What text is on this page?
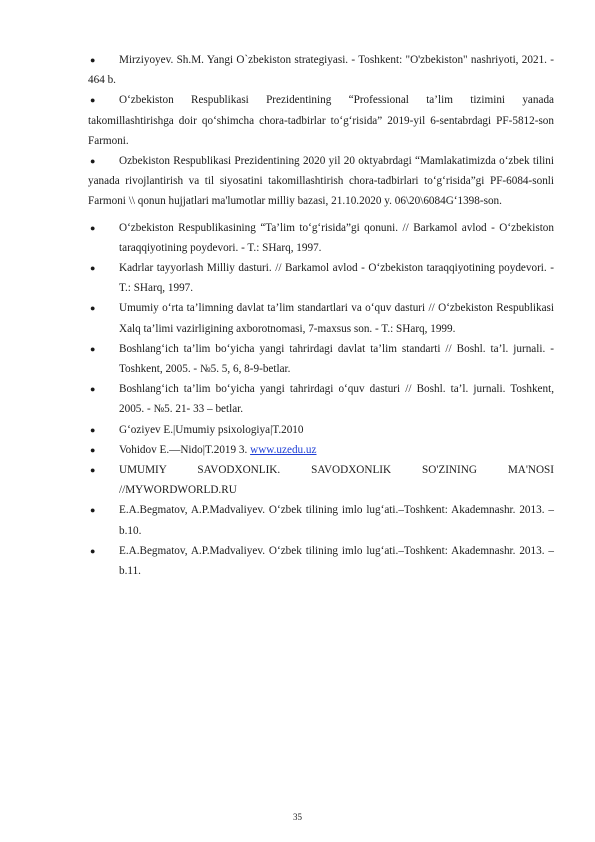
●	Mirziyoyev. Sh.M. Yangi O`zbekiston strategiyasi. - Toshkent: "O'zbekiston" nashriyoti, 2021. - 464 b.
●	O‘zbekiston Respublikasi Prezidentining “Professional ta’lim tizimini yanada takomillashtirishga doir qo‘shimcha chora-tadbirlar to‘g‘risida” 2019-yil 6-sentabrdagi PF-5812-son Farmoni.
●	Ozbekiston Respublikasi Prezidentining 2020 yil 20 oktyabrdagi “Mamlakatimizda o‘zbek tilini yanada rivojlantirish va til siyosatini takomillashtirish chora-tadbirlari to‘g‘risida”gi PF-6084-sonli Farmoni \\ qonun hujjatlari ma'lumotlar milliy bazasi, 21.10.2020 y. 06\20\6084G‘1398-son.
●	O‘zbekiston Respublikasining “Ta’lim to‘g‘risida”gi qonuni. // Barkamol avlod - O‘zbekiston taraqqiyotining poydevori. - T.: SHarq, 1997.
●	Kadrlar tayyorlash Milliy dasturi. // Barkamol avlod - O‘zbekiston taraqqiyotining poydevori. - T.: SHarq, 1997.
●	Umumiy o‘rta ta’limning davlat ta’lim standartlari va o‘quv dasturi // O‘zbekiston Respublikasi Xalq ta’limi vazirligining axborotnomasi, 7-maxsus son. - T.: SHarq, 1999.
●	Boshlang‘ich ta’lim bo‘yicha yangi tahrirdagi davlat ta’lim standarti // Boshl. ta’l. jurnali. - Toshkent, 2005. - №5. 5, 6, 8-9-betlar.
●	Boshlang‘ich ta’lim bo‘yicha yangi tahrirdagi o‘quv dasturi // Boshl. ta’l. jurnali. Toshkent, 2005. - №5. 21- 33 – betlar.
●	G‘oziyev E.|Umumiy psixologiya|T.2010
●	Vohidov E.—Nido|T.2019 3. www.uzedu.uz
●	UMUMIY SAVODXONLIK. SAVODXONLIK SO'ZINING MA'NOSI //MYWORDWORLD.RU
●	E.A.Begmatov, A.P.Madvaliyev. O‘zbek tilining imlo lug‘ati.–Toshkent: Akademnashr. 2013. – b.10.
●	E.A.Begmatov, A.P.Madvaliyev. O‘zbek tilining imlo lug‘ati.–Toshkent: Akademnashr. 2013. – b.11.
35
